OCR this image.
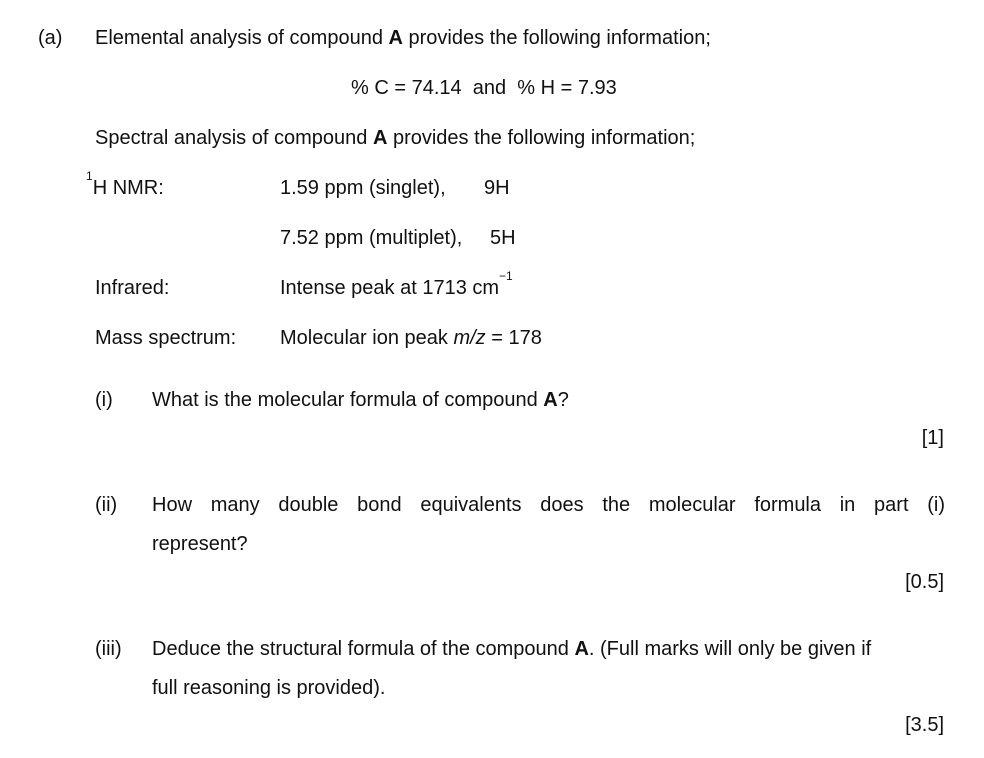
(a) Elemental analysis of compound A provides the following information;
% C = 74.14 and % H = 7.93
Spectral analysis of compound A provides the following information;
$^1$H NMR:	1.59 ppm (singlet), 9H
7.52 ppm (multiplet), 5H
Infrared:	Intense peak at 1713 $cm^{-1}$
Mass spectrum: Molecular ion peak m/z = 178
(i) What is the molecular formula of compound A?
[1]
(ii) How many double bond equivalents does the molecular formula in part (i)
represent?
[0.5]
(iii) Deduce the structural formula of the compound A. (Full marks will only be given if
full reasoning is provided).
[3.5]
